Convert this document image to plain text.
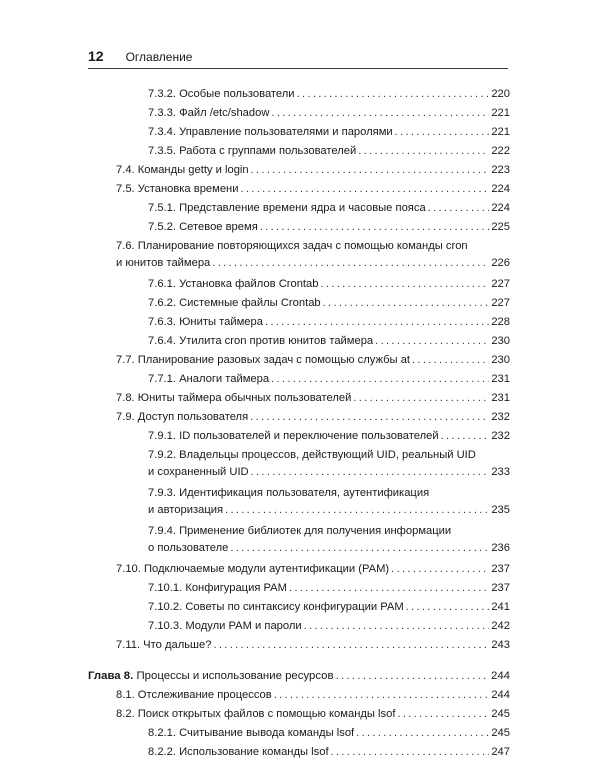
12 Оглавление
7.3.2. Особые пользователи .....	220
7.3.3. Файл /etc/shadow .....	221
7.3.4. Управление пользователями и паролями .....	221
7.3.5. Работа с группами пользователей .....	222
7.4. Команды getty и login .....	223
7.5. Установка времени .....	224
7.5.1. Представление времени ядра и часовые пояса .....	224
7.5.2. Сетевое время .....	225
7.6. Планирование повторяющихся задач с помощью команды cron
и юнитов таймера .....	226
7.6.1. Установка файлов Crontab .....	227
7.6.2. Системные файлы Crontab .....	227
7.6.3. Юниты таймера .....	228
7.6.4. Утилита cron против юнитов таймера .....	230
7.7. Планирование разовых задач с помощью службы at .....	230
7.7.1. Аналоги таймера .....	231
7.8. Юниты таймера обычных пользователей .....	231
7.9. Доступ пользователя .....	232
7.9.1. ID пользователей и переключение пользователей .....	232
7.9.2. Владельцы процессов, действующий UID, реальный UID
и сохраненный UID .....	233
7.9.3. Идентификация пользователя, аутентификация
и авторизация .....	235
7.9.4. Применение библиотек для получения информации
о пользователе .....	236
7.10. Подключаемые модули аутентификации (PAM) .....	237
7.10.1. Конфигурация PAM .....	237
7.10.2. Советы по синтаксису конфигурации PAM .....	241
7.10.3. Модули PAM и пароли .....	242
7.11. Что дальше? .....	243
Глава 8. Процессы и использование ресурсов .....	244
8.1. Отслеживание процессов .....	244
8.2. Поиск открытых файлов с помощью команды lsof .....	245
8.2.1. Считывание вывода команды lsof .....	245
8.2.2. Использование команды lsof .....	247
